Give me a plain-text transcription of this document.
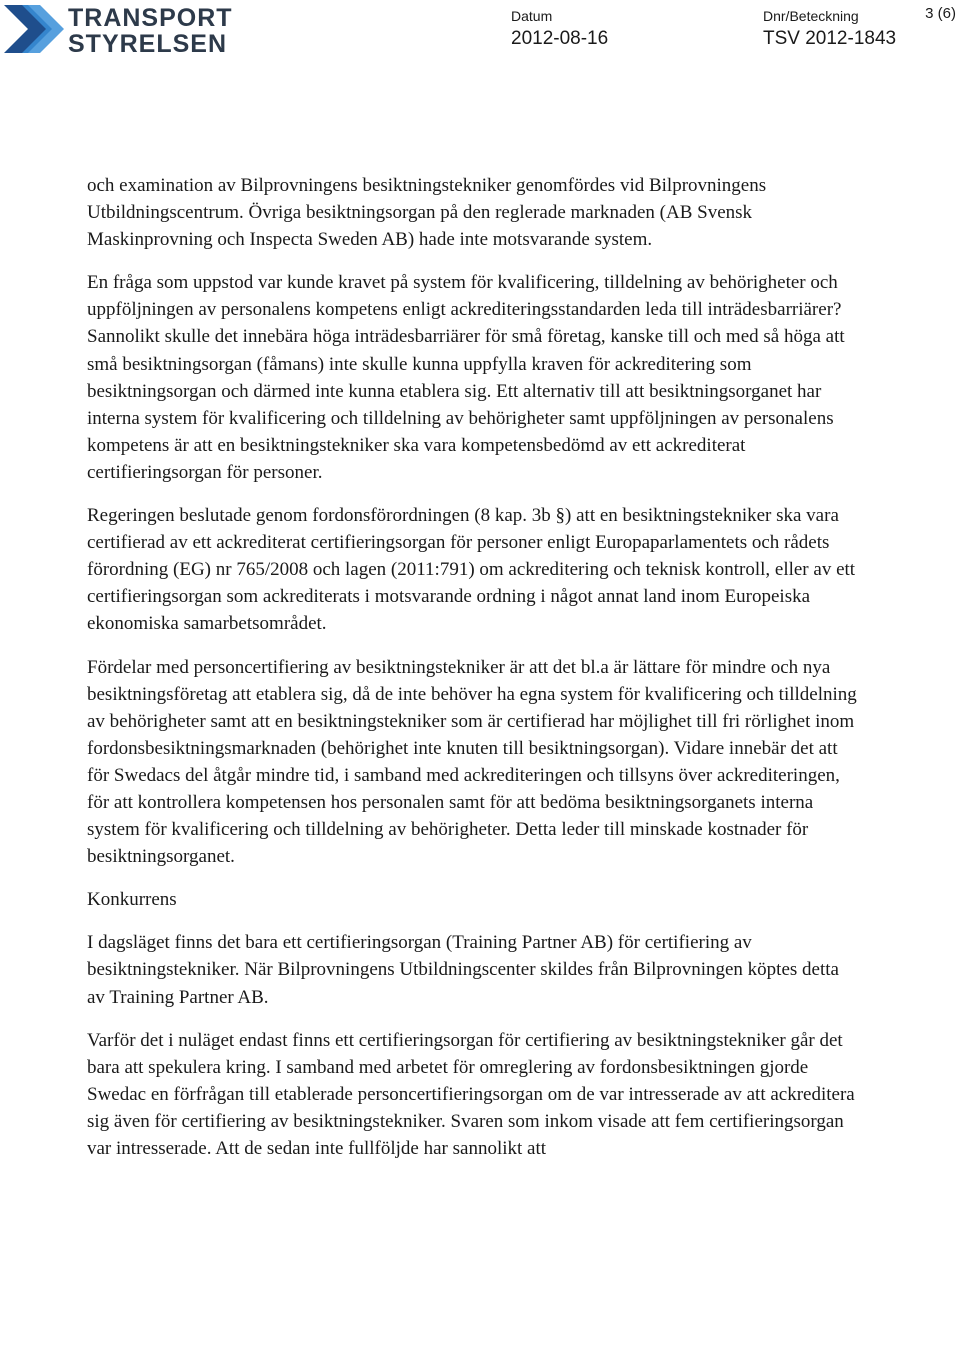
TRANSPORT
STYRELSEN
Datum
2012-08-16
Dnr/Beteckning
TSV 2012-1843
3 (6)

och examination av Bilprovningens besiktningstekniker genomfördes vid Bilprovningens Utbildningscentrum. Övriga besiktningsorgan på den reglerade marknaden (AB Svensk Maskinprovning och Inspecta Sweden AB) hade inte motsvarande system.

En fråga som uppstod var kunde kravet på system för kvalificering, tilldelning av behörigheter och uppföljningen av personalens kompetens enligt ackrediteringsstandarden leda till inträdesbarriärer? Sannolikt skulle det innebära höga inträdesbarriärer för små företag, kanske till och med så höga att små besiktningsorgan (fåmans) inte skulle kunna uppfylla kraven för ackreditering som besiktningsorgan och därmed inte kunna etablera sig. Ett alternativ till att besiktningsorganet har interna system för kvalificering och tilldelning av behörigheter samt uppföljningen av personalens kompetens är att en besiktningstekniker ska vara kompetensbedömd av ett ackrediterat certifieringsorgan för personer.

Regeringen beslutade genom fordonsförordningen (8 kap. 3b §) att en besiktningstekniker ska vara certifierad av ett ackrediterat certifieringsorgan för personer enligt Europaparlamentets och rådets förordning (EG) nr 765/2008 och lagen (2011:791) om ackreditering och teknisk kontroll, eller av ett certifieringsorgan som ackrediterats i motsvarande ordning i något annat land inom Europeiska ekonomiska samarbetsområdet.

Fördelar med personcertifiering av besiktningstekniker är att det bl.a är lättare för mindre och nya besiktningsföretag att etablera sig, då de inte behöver ha egna system för kvalificering och tilldelning av behörigheter samt att en besiktningstekniker som är certifierad har möjlighet till fri rörlighet inom fordonsbesiktningsmarknaden (behörighet inte knuten till besiktningsorgan). Vidare innebär det att för Swedacs del åtgår mindre tid, i samband med ackrediteringen och tillsyns över ackrediteringen, för att kontrollera kompetensen hos personalen samt för att bedöma besiktningsorganets interna system för kvalificering och tilldelning av behörigheter. Detta leder till minskade kostnader för besiktningsorganet.

Konkurrens

I dagsläget finns det bara ett certifieringsorgan (Training Partner AB) för certifiering av besiktningstekniker. När Bilprovningens Utbildningscenter skildes från Bilprovningen köptes detta av Training Partner AB.

Varför det i nuläget endast finns ett certifieringsorgan för certifiering av besiktningstekniker går det bara att spekulera kring. I samband med arbetet för omreglering av fordonsbesiktningen gjorde Swedac en förfrågan till etablerade personcertifieringsorgan om de var intresserade av att ackreditera sig även för certifiering av besiktningstekniker. Svaren som inkom visade att fem certifieringsorgan var intresserade. Att de sedan inte fullföljde har sannolikt att
